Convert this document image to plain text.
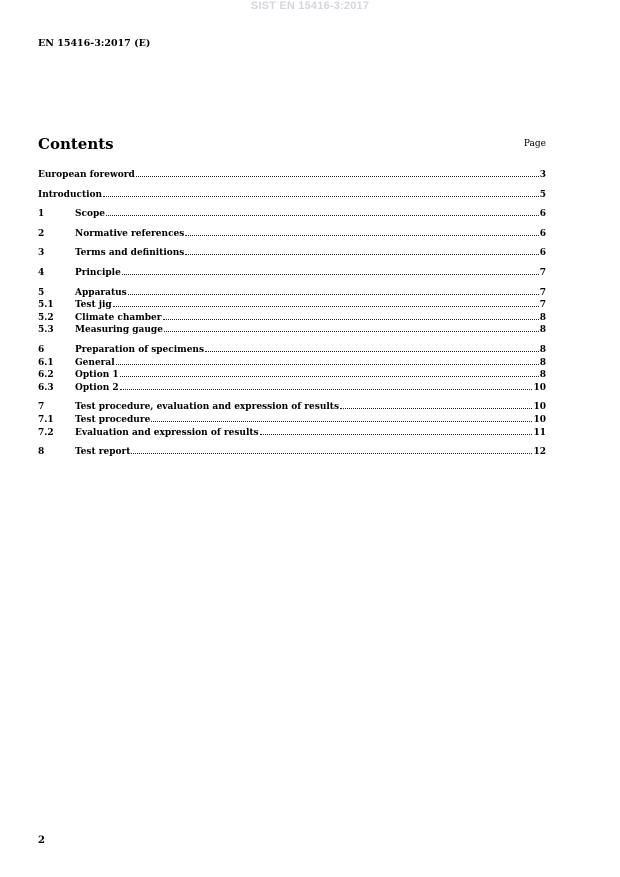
SIST EN 15416-3:2017
EN 15416-3:2017 (E)
Contents	Page
European foreword	3
Introduction	5
1	Scope	6
2	Normative references	6
3	Terms and definitions	6
4	Principle	7
5	Apparatus	7
5.1	Test jig	7
5.2	Climate chamber	8
5.3	Measuring gauge	8
6	Preparation of specimens	8
6.1	General	8
6.2	Option 1	8
6.3	Option 2	10
7	Test procedure, evaluation and expression of results	10
7.1	Test procedure	10
7.2	Evaluation and expression of results	11
8	Test report	12
2
